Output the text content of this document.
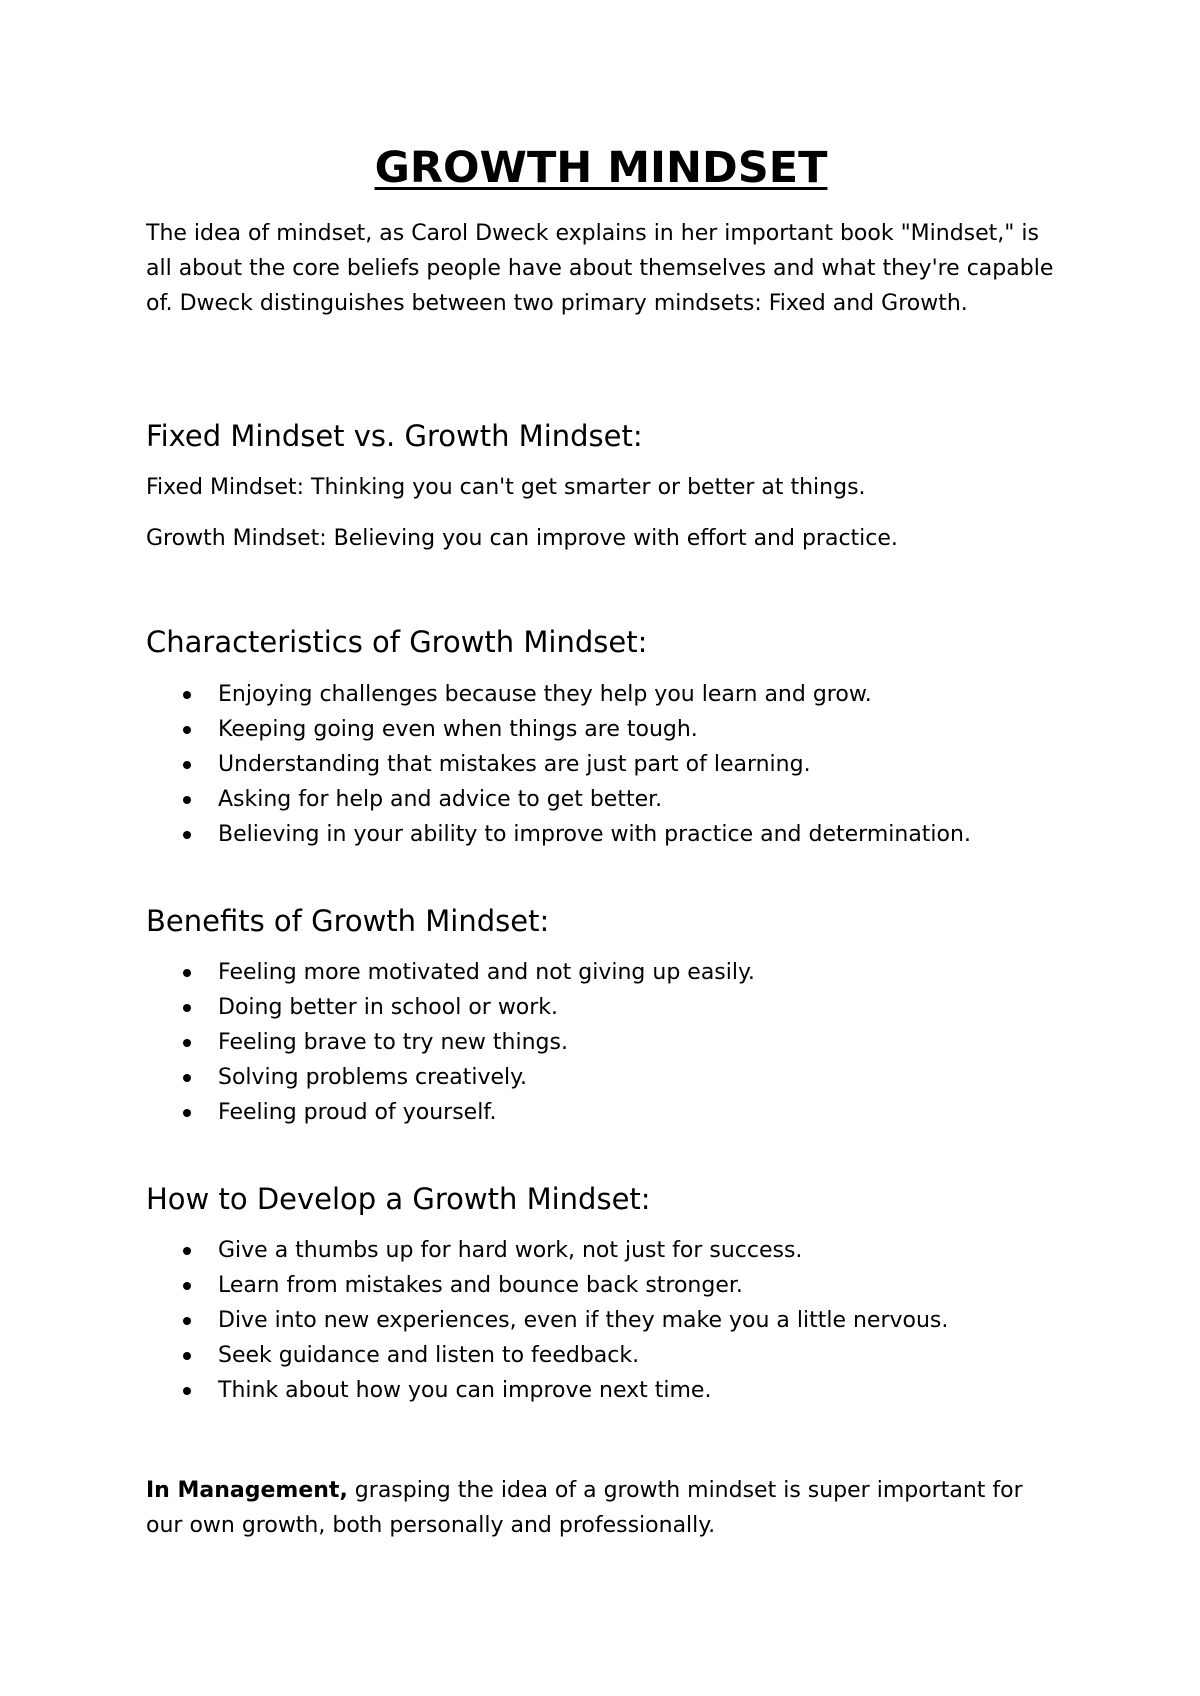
GROWTH MINDSET

The idea of mindset, as Carol Dweck explains in her important book "Mindset," is all about the core beliefs people have about themselves and what they're capable of. Dweck distinguishes between two primary mindsets: Fixed and Growth.

Fixed Mindset vs. Growth Mindset:

Fixed Mindset: Thinking you can't get smarter or better at things.

Growth Mindset: Believing you can improve with effort and practice.

Characteristics of Growth Mindset:
Enjoying challenges because they help you learn and grow.
Keeping going even when things are tough.
Understanding that mistakes are just part of learning.
Asking for help and advice to get better.
Believing in your ability to improve with practice and determination.
Benefits of Growth Mindset:
Feeling more motivated and not giving up easily.
Doing better in school or work.
Feeling brave to try new things.
Solving problems creatively.
Feeling proud of yourself.
How to Develop a Growth Mindset:
Give a thumbs up for hard work, not just for success.
Learn from mistakes and bounce back stronger.
Dive into new experiences, even if they make you a little nervous.
Seek guidance and listen to feedback.
Think about how you can improve next time.

In Management, grasping the idea of a growth mindset is super important for our own growth, both personally and professionally.
